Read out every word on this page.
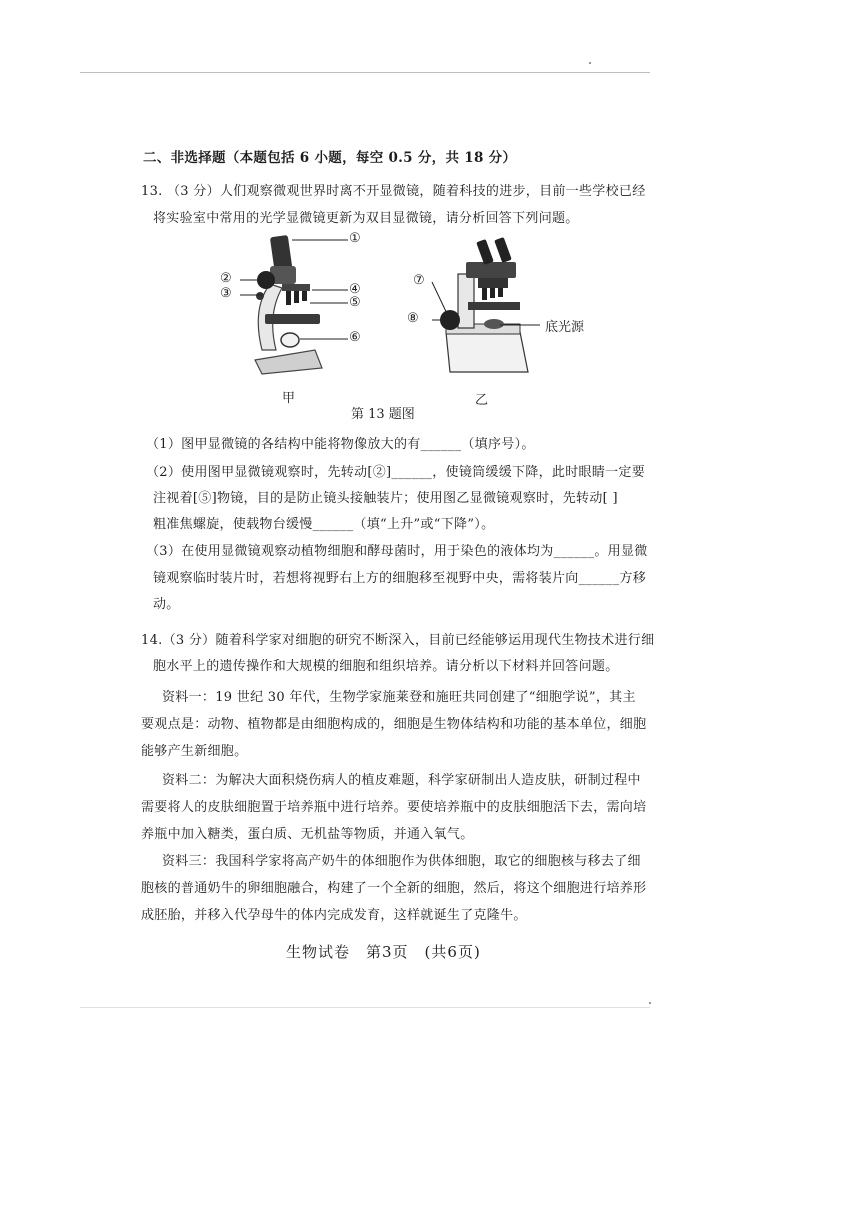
二、非选择题（本题包括 6 小题，每空 0.5 分，共 18 分）
13. （3 分）人们观察微观世界时离不开显微镜，随着科技的进步，目前一些学校已经
将实验室中常用的光学显微镜更新为双目显微镜，请分析回答下列问题。
①
②
③	④
⑤
⑥
⑦
⑧
底光源
甲	乙
第 13 题图
（1）图甲显微镜的各结构中能将物像放大的有______（填序号）。
（2）使用图甲显微镜观察时，先转动[②]______，使镜筒缓缓下降，此时眼睛一定要
注视着[⑤]物镜，目的是防止镜头接触装片；使用图乙显微镜观察时，先转动[ ]
粗准焦螺旋，使载物台缓慢______（填“上升”或“下降”）。
（3）在使用显微镜观察动植物细胞和酵母菌时，用于染色的液体均为______。用显微
镜观察临时装片时，若想将视野右上方的细胞移至视野中央，需将装片向______方移
动。
14.（3 分）随着科学家对细胞的研究不断深入，目前已经能够运用现代生物技术进行细
胞水平上的遗传操作和大规模的细胞和组织培养。请分析以下材料并回答问题。
资料一：19 世纪 30 年代，生物学家施莱登和施旺共同创建了“细胞学说”，其主
要观点是：动物、植物都是由细胞构成的，细胞是生物体结构和功能的基本单位，细胞
能够产生新细胞。
资料二：为解决大面积烧伤病人的植皮难题，科学家研制出人造皮肤，研制过程中
需要将人的皮肤细胞置于培养瓶中进行培养。要使培养瓶中的皮肤细胞活下去，需向培
养瓶中加入糖类，蛋白质、无机盐等物质，并通入氧气。
资料三：我国科学家将高产奶牛的体细胞作为供体细胞，取它的细胞核与移去了细
胞核的普通奶牛的卵细胞融合，构建了一个全新的细胞，然后，将这个细胞进行培养形
成胚胎，并移入代孕母牛的体内完成发育，这样就诞生了克隆牛。
生物试卷　第3页　(共6页)
